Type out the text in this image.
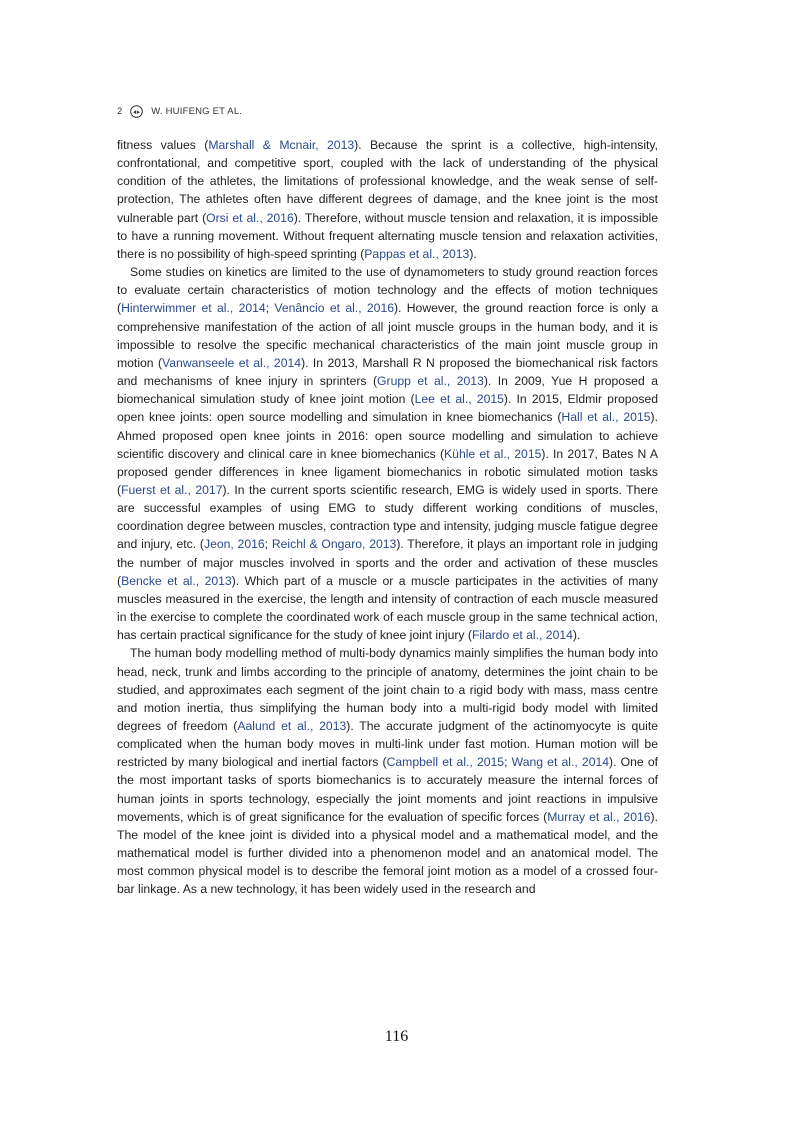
2	W. HUIFENG ET AL.

fitness values (Marshall & Mcnair, 2013). Because the sprint is a collective, high-intensity, confrontational, and competitive sport, coupled with the lack of understanding of the physical condition of the athletes, the limitations of professional knowledge, and the weak sense of self-protection, The athletes often have different degrees of damage, and the knee joint is the most vulnerable part (Orsi et al., 2016). Therefore, without muscle tension and relaxation, it is impossible to have a running movement. Without frequent alternating muscle tension and relaxation activities, there is no possibility of high-speed sprinting (Pappas et al., 2013).

Some studies on kinetics are limited to the use of dynamometers to study ground reaction forces to evaluate certain characteristics of motion technology and the effects of motion techniques (Hinterwimmer et al., 2014; Venâncio et al., 2016). However, the ground reaction force is only a comprehensive manifestation of the action of all joint muscle groups in the human body, and it is impossible to resolve the specific mechanical characteristics of the main joint muscle group in motion (Vanwanseele et al., 2014). In 2013, Marshall R N proposed the biomechanical risk factors and mechanisms of knee injury in sprinters (Grupp et al., 2013). In 2009, Yue H proposed a biomechanical simulation study of knee joint motion (Lee et al., 2015). In 2015, Eldmir proposed open knee joints: open source modelling and simulation in knee biomechanics (Hall et al., 2015). Ahmed proposed open knee joints in 2016: open source modelling and simulation to achieve scientific discovery and clinical care in knee biomechanics (Kühle et al., 2015). In 2017, Bates N A proposed gender differences in knee ligament biomechanics in robotic simulated motion tasks (Fuerst et al., 2017). In the current sports scientific research, EMG is widely used in sports. There are successful examples of using EMG to study different working conditions of muscles, coordination degree between muscles, contraction type and intensity, judging muscle fatigue degree and injury, etc. (Jeon, 2016; Reichl & Ongaro, 2013). Therefore, it plays an important role in judging the number of major muscles involved in sports and the order and activation of these muscles (Bencke et al., 2013). Which part of a muscle or a muscle participates in the activities of many muscles measured in the exercise, the length and intensity of contraction of each muscle measured in the exercise to complete the coordinated work of each muscle group in the same technical action, has certain practical significance for the study of knee joint injury (Filardo et al., 2014).

The human body modelling method of multi-body dynamics mainly simplifies the human body into head, neck, trunk and limbs according to the principle of anatomy, determines the joint chain to be studied, and approximates each segment of the joint chain to a rigid body with mass, mass centre and motion inertia, thus simplifying the human body into a multi-rigid body model with limited degrees of freedom (Aalund et al., 2013). The accurate judgment of the actinomyocyte is quite complicated when the human body moves in multi-link under fast motion. Human motion will be restricted by many biological and inertial factors (Campbell et al., 2015; Wang et al., 2014). One of the most important tasks of sports biomechanics is to accurately measure the internal forces of human joints in sports technology, especially the joint moments and joint reactions in impulsive movements, which is of great significance for the evaluation of specific forces (Murray et al., 2016). The model of the knee joint is divided into a physical model and a mathematical model, and the mathematical model is further divided into a phenomenon model and an anatomical model. The most common physical model is to describe the femoral joint motion as a model of a crossed four-bar linkage. As a new technology, it has been widely used in the research and

116
